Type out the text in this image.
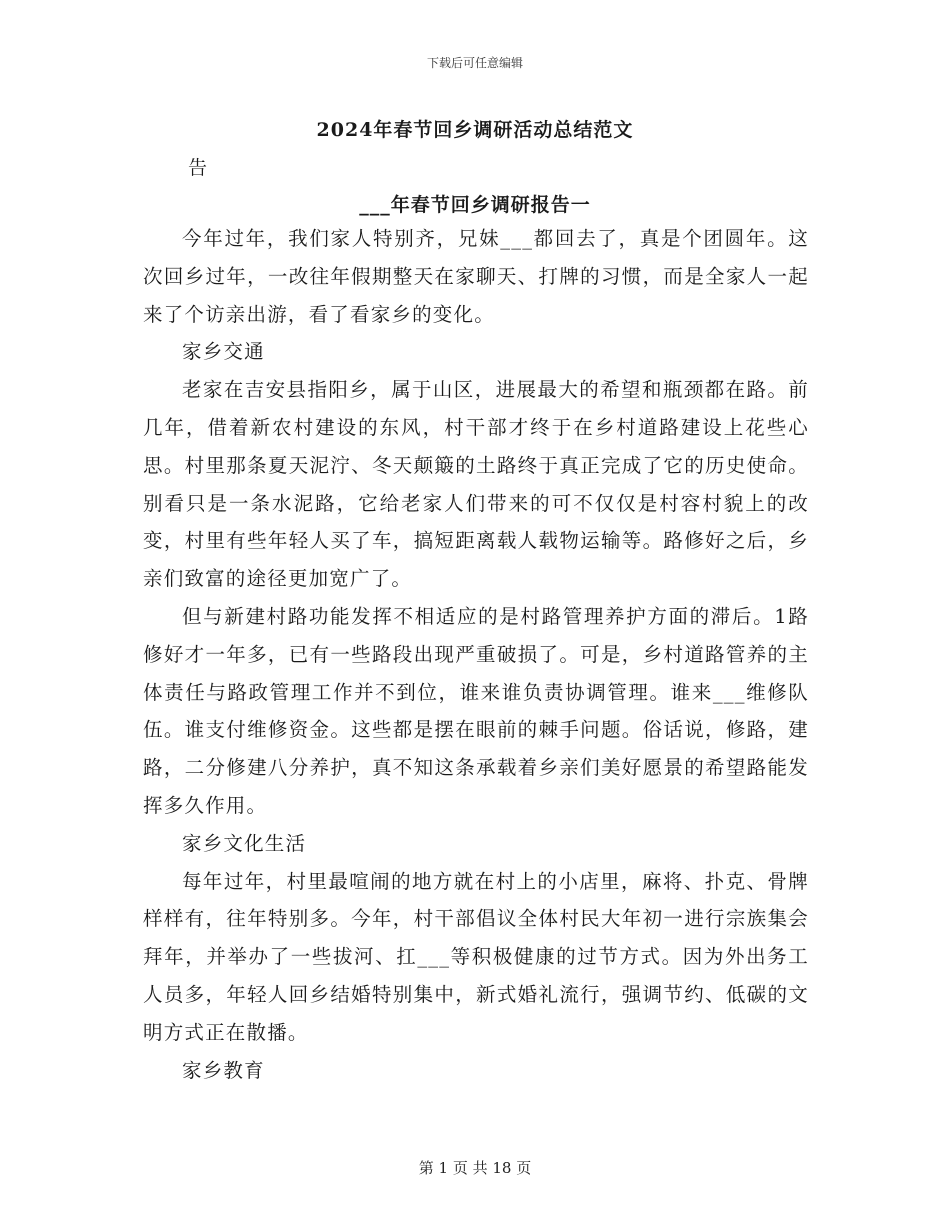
下载后可任意编辑
2024年春节回乡调研活动总结范文
告
___年春节回乡调研报告一

今年过年，我们家人特别齐，兄妹___都回去了，真是个团圆年。这次回乡过年，一改往年假期整天在家聊天、打牌的习惯，而是全家人一起来了个访亲出游，看了看家乡的变化。

家乡交通

老家在吉安县指阳乡，属于山区，进展最大的希望和瓶颈都在路。前几年，借着新农村建设的东风，村干部才终于在乡村道路建设上花些心思。村里那条夏天泥泞、冬天颠簸的土路终于真正完成了它的历史使命。别看只是一条水泥路，它给老家人们带来的可不仅仅是村容村貌上的改变，村里有些年轻人买了车，搞短距离载人载物运输等。路修好之后，乡亲们致富的途径更加宽广了。

但与新建村路功能发挥不相适应的是村路管理养护方面的滞后。1路修好才一年多，已有一些路段出现严重破损了。可是，乡村道路管养的主体责任与路政管理工作并不到位，谁来谁负责协调管理。谁来___维修队伍。谁支付维修资金。这些都是摆在眼前的棘手问题。俗话说，修路，建路，二分修建八分养护，真不知这条承载着乡亲们美好愿景的希望路能发挥多久作用。

家乡文化生活

每年过年，村里最喧闹的地方就在村上的小店里，麻将、扑克、骨牌样样有，往年特别多。今年，村干部倡议全体村民大年初一进行宗族集会拜年，并举办了一些拔河、扛___等积极健康的过节方式。因为外出务工人员多，年轻人回乡结婚特别集中，新式婚礼流行，强调节约、低碳的文明方式正在散播。

家乡教育

第 1 页 共 18 页
